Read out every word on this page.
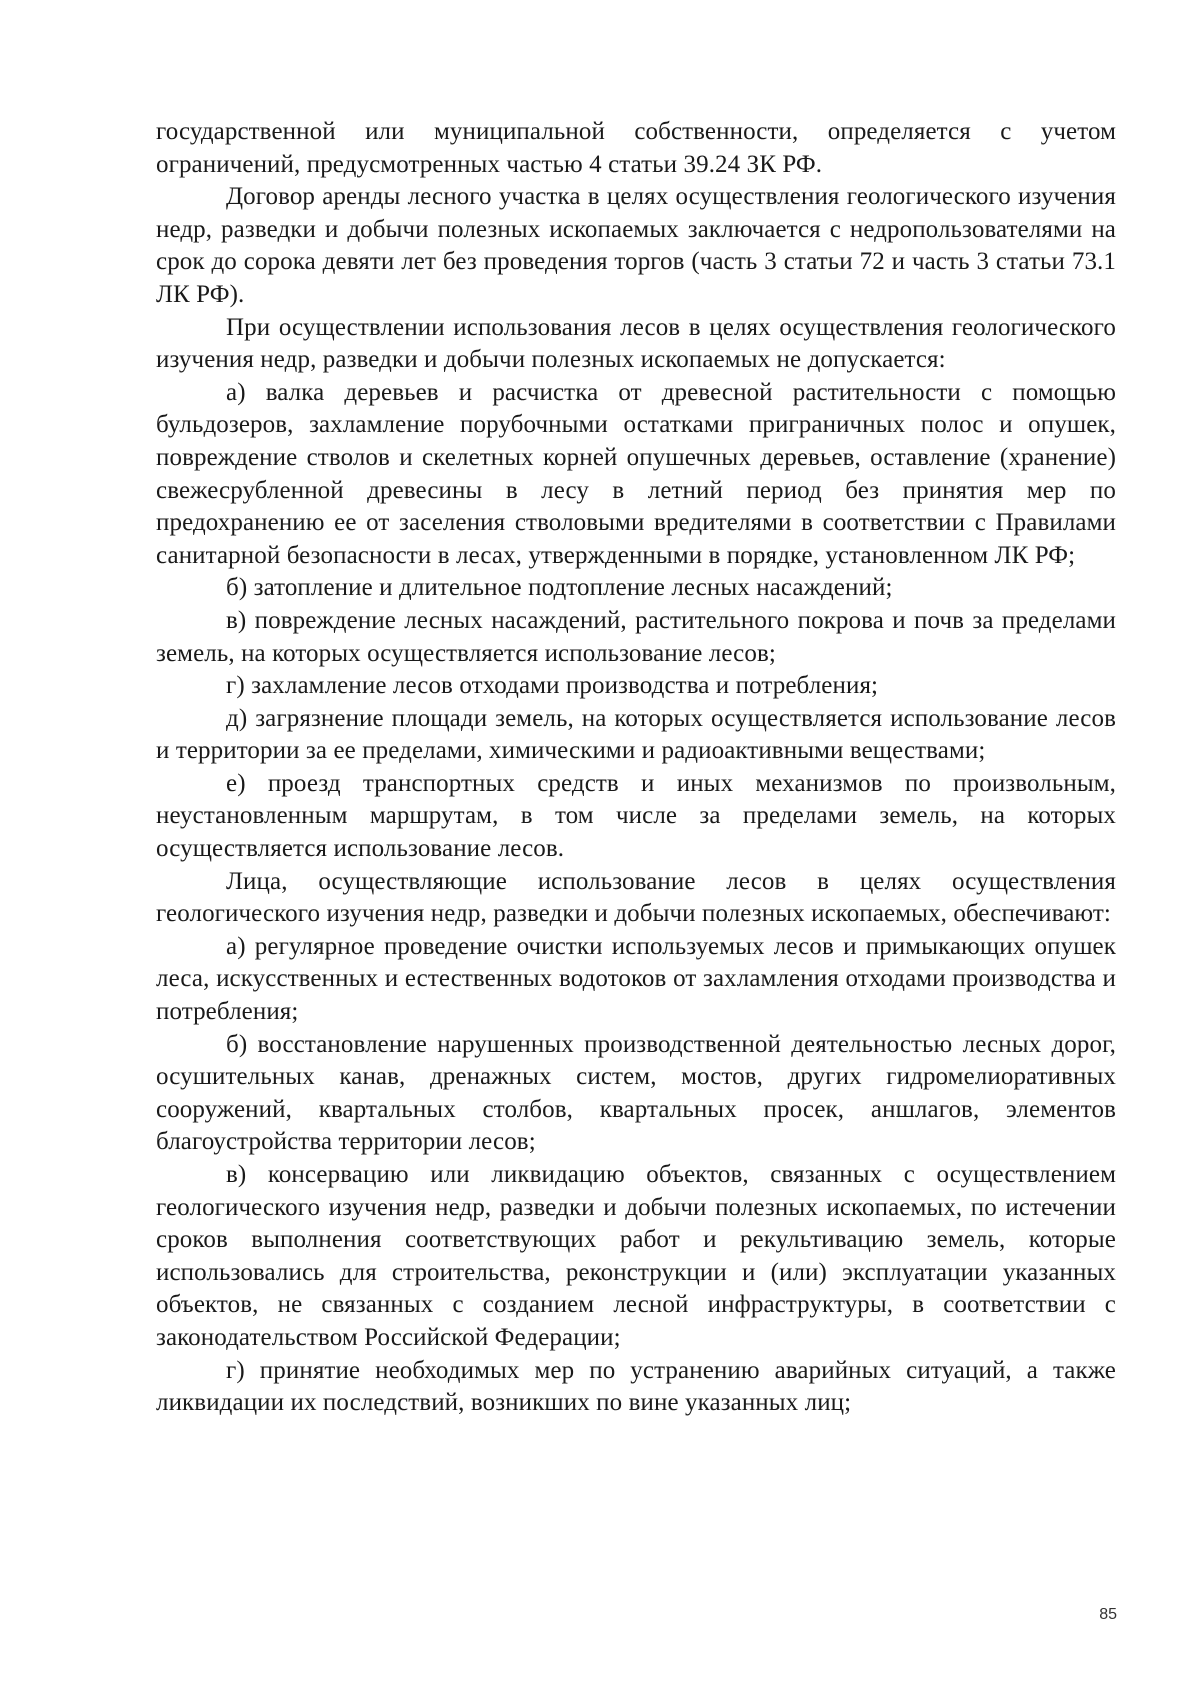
государственной или муниципальной собственности, определяется с учетом ограничений, предусмотренных частью 4 статьи 39.24 ЗК РФ.

Договор аренды лесного участка в целях осуществления геологического изучения недр, разведки и добычи полезных ископаемых заключается с недропользователями на срок до сорока девяти лет без проведения торгов (часть 3 статьи 72 и часть 3 статьи 73.1 ЛК РФ).

При осуществлении использования лесов в целях осуществления геологического изучения недр, разведки и добычи полезных ископаемых не допускается:

а) валка деревьев и расчистка от древесной растительности с помощью бульдозеров, захламление порубочными остатками приграничных полос и опушек, повреждение стволов и скелетных корней опушечных деревьев, оставление (хранение) свежесрубленной древесины в лесу в летний период без принятия мер по предохранению ее от заселения стволовыми вредителями в соответствии с Правилами санитарной безопасности в лесах, утвержденными в порядке, установленном ЛК РФ;

б) затопление и длительное подтопление лесных насаждений;

в) повреждение лесных насаждений, растительного покрова и почв за пределами земель, на которых осуществляется использование лесов;

г) захламление лесов отходами производства и потребления;

д) загрязнение площади земель, на которых осуществляется использование лесов и территории за ее пределами, химическими и радиоактивными веществами;

е) проезд транспортных средств и иных механизмов по произвольным, неустановленным маршрутам, в том числе за пределами земель, на которых осуществляется использование лесов.

Лица, осуществляющие использование лесов в целях осуществления геологического изучения недр, разведки и добычи полезных ископаемых, обеспечивают:

а) регулярное проведение очистки используемых лесов и примыкающих опушек леса, искусственных и естественных водотоков от захламления отходами производства и потребления;

б) восстановление нарушенных производственной деятельностью лесных дорог, осушительных канав, дренажных систем, мостов, других гидромелиоративных сооружений, квартальных столбов, квартальных просек, аншлагов, элементов благоустройства территории лесов;

в) консервацию или ликвидацию объектов, связанных с осуществлением геологического изучения недр, разведки и добычи полезных ископаемых, по истечении сроков выполнения соответствующих работ и рекультивацию земель, которые использовались для строительства, реконструкции и (или) эксплуатации указанных объектов, не связанных с созданием лесной инфраструктуры, в соответствии с законодательством Российской Федерации;

г) принятие необходимых мер по устранению аварийных ситуаций, а также ликвидации их последствий, возникших по вине указанных лиц;

85
